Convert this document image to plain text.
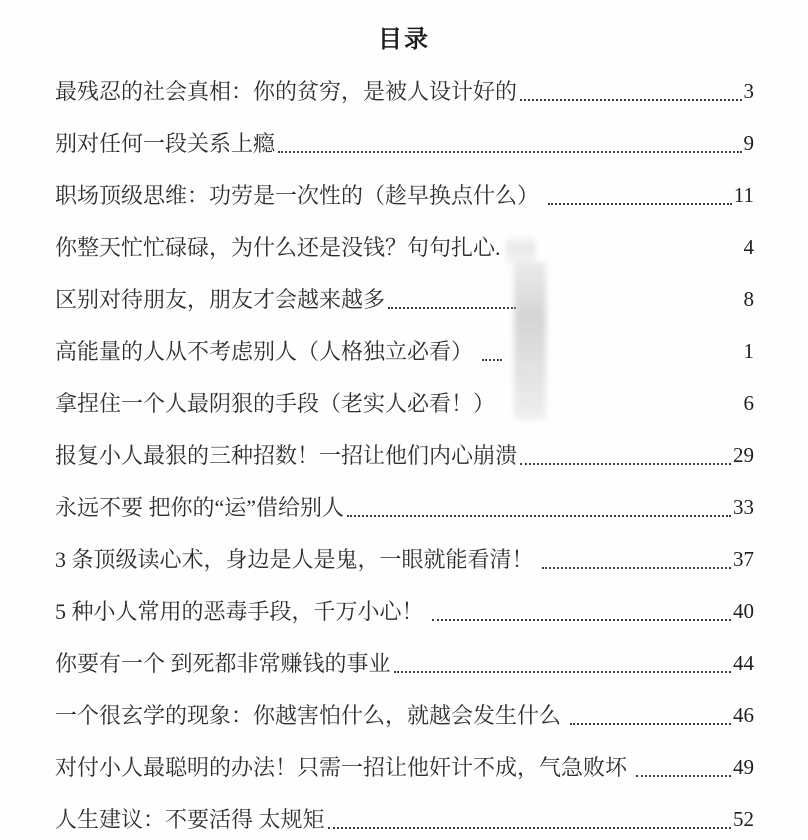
目录
最残忍的社会真相：你的贫穷，是被人设计好的	3
别对任何一段关系上瘾	9
职场顶级思维：功劳是一次性的（趁早换点什么）	11
你整天忙忙碌碌，为什么还是没钱？句句扎心.	4
区别对待朋友，朋友才会越来越多	8
高能量的人从不考虑别人（人格独立必看）	1
拿捏住一个人最阴狠的手段（老实人必看！）	6
报复小人最狠的三种招数！一招让他们内心崩溃	29
永远不要 把你的“运”借给别人	33
3 条顶级读心术，身边是人是鬼，一眼就能看清！	37
5 种小人常用的恶毒手段，千万小心！	40
你要有一个 到死都非常赚钱的事业	44
一个很玄学的现象：你越害怕什么，就越会发生什么	46
对付小人最聪明的办法！只需一招让他奸计不成，气急败坏	49
人生建议：不要活得 太规矩	52
